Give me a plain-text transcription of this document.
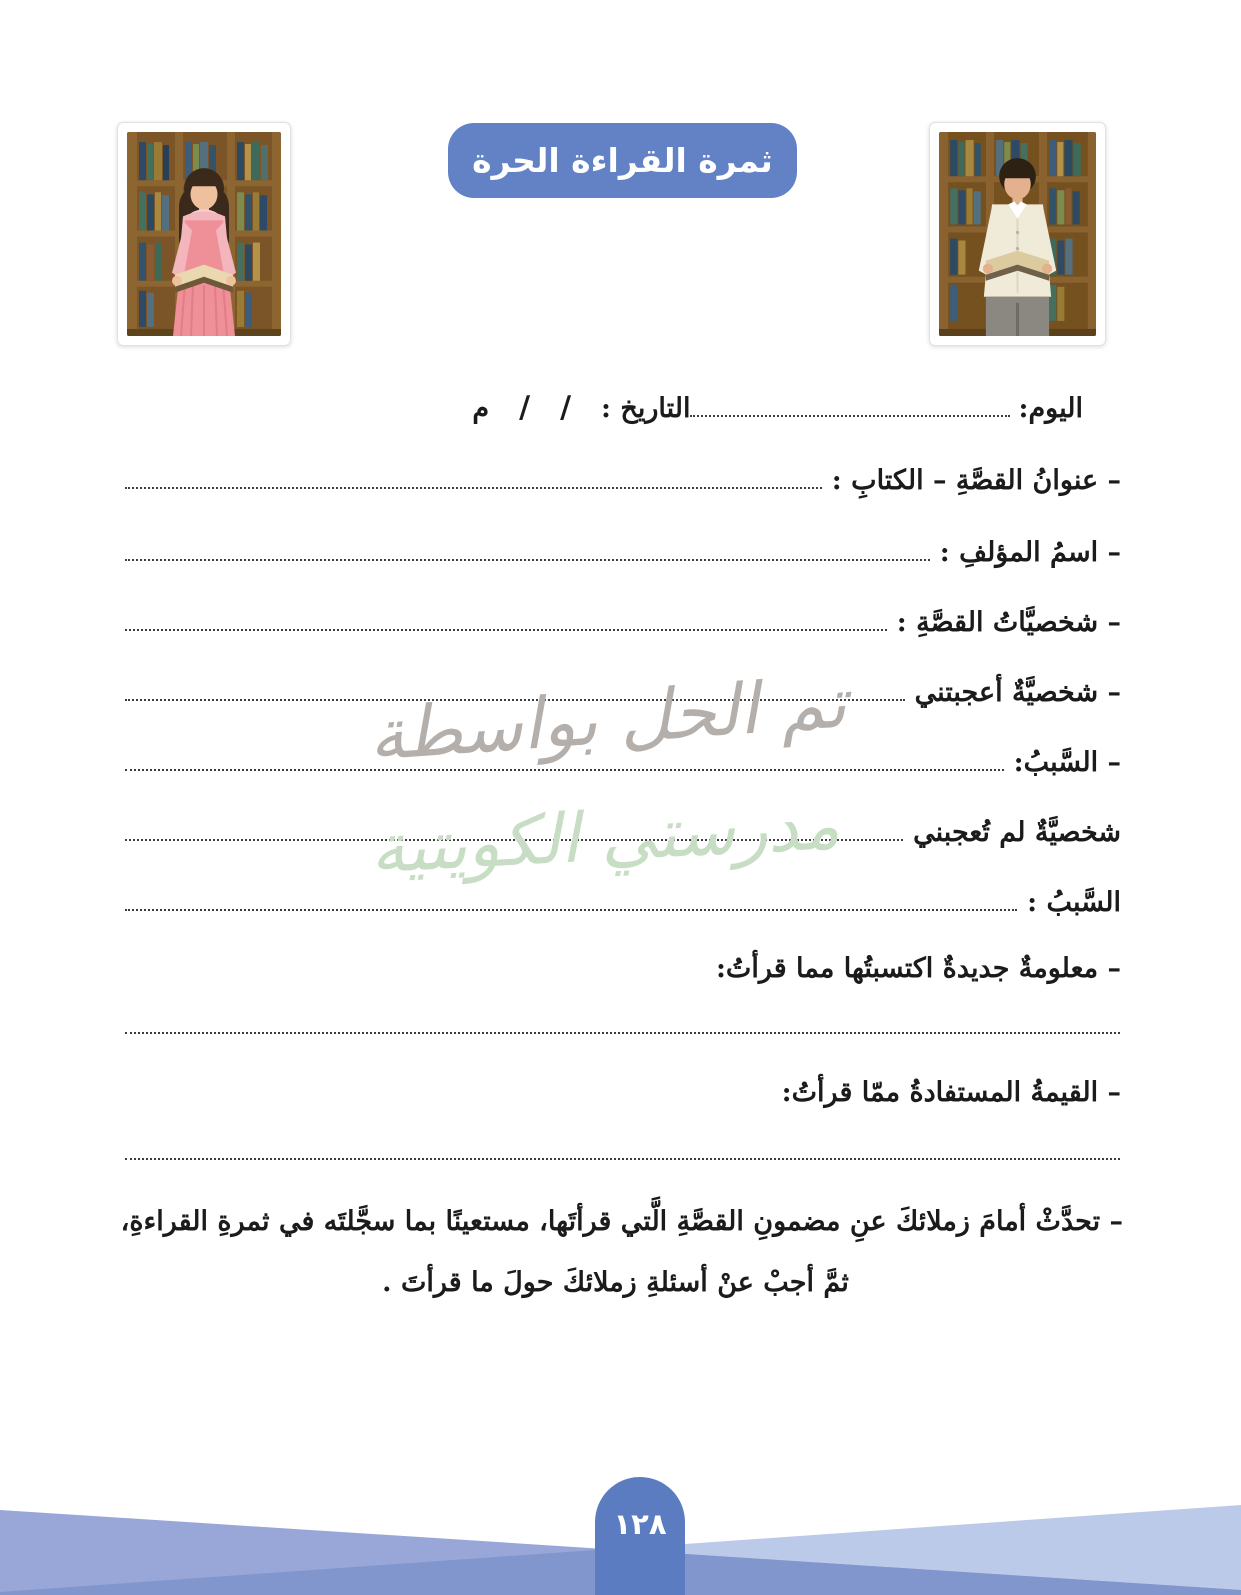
ثمرة القراءة الحرة
اليوم:
التاريخ :
/
/
م
– عنوانُ القصَّةِ – الكتابِ :
– اسمُ المؤلفِ :
– شخصيَّاتُ القصَّةِ :
– شخصيَّةٌ أعجبتني
– السَّببُ:
شخصيَّةٌ لم تُعجبني
السَّببُ :
– معلومةٌ جديدةٌ اكتسبتُها مما قرأتُ:
– القيمةُ المستفادةُ ممّا قرأتُ:
– تحدَّثْ أمامَ زملائكَ عنِ مضمونِ القصَّةِ الَّتي قرأتَها، مستعينًا بما سجَّلتَه في ثمرةِ القراءةِ،
ثمَّ أجبْ عنْ أسئلةِ زملائكَ حولَ ما قرأتَ .
تم الحل بواسطة
مدرستي الكويتية
١٢٨
